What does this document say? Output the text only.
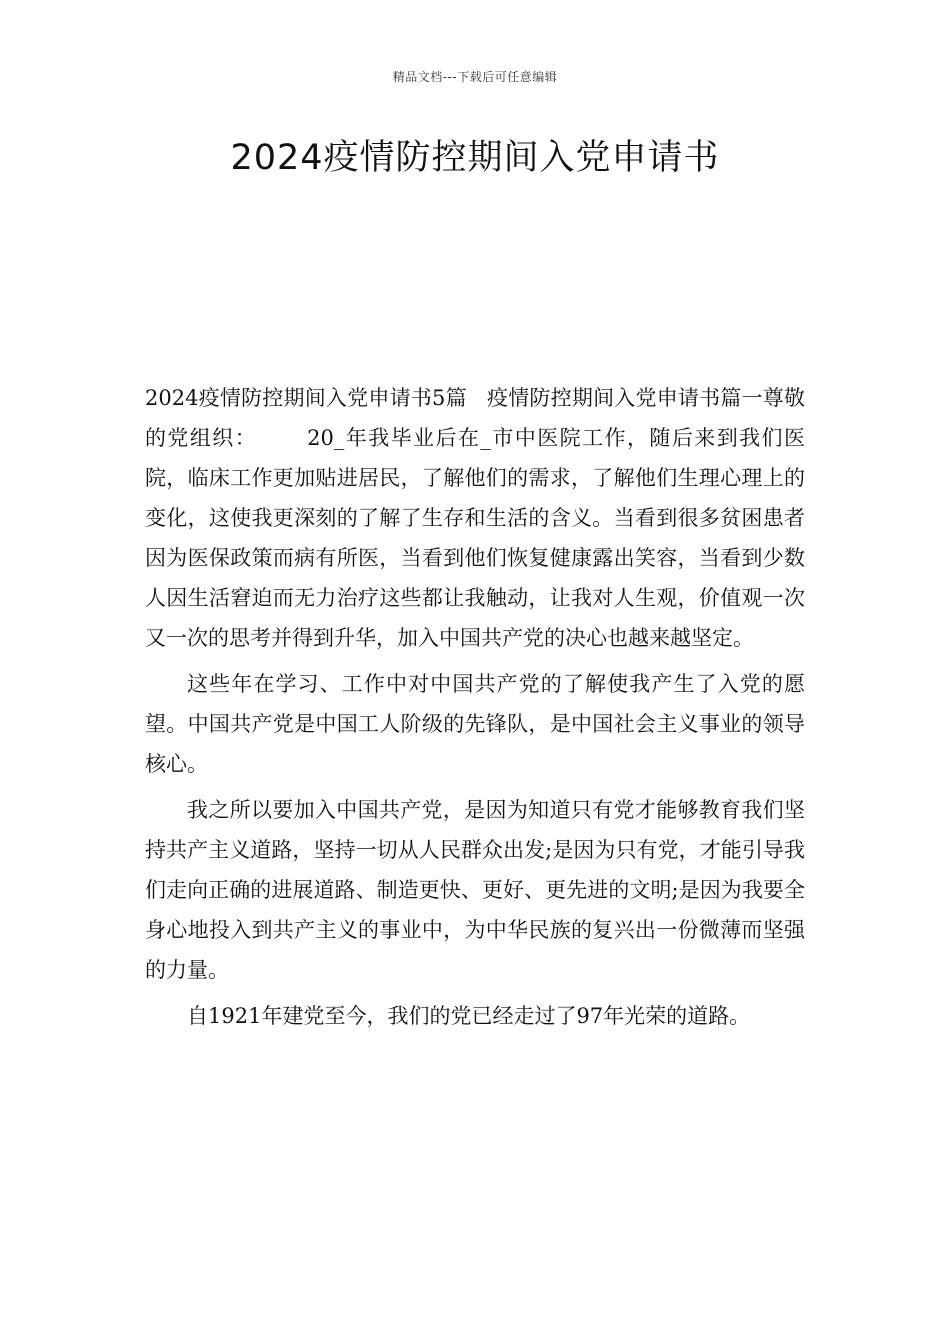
精品文档---下载后可任意编辑
2024疫情防控期间入党申请书

2024疫情防控期间入党申请书5篇 疫情防控期间入党申请书篇一尊敬的党组织： 20_年我毕业后在_市中医院工作，随后来到我们医院，临床工作更加贴进居民，了解他们的需求，了解他们生理心理上的变化，这使我更深刻的了解了生存和生活的含义。当看到很多贫困患者因为医保政策而病有所医，当看到他们恢复健康露出笑容，当看到少数人因生活窘迫而无力治疗这些都让我触动，让我对人生观，价值观一次又一次的思考并得到升华，加入中国共产党的决心也越来越坚定。

这些年在学习、工作中对中国共产党的了解使我产生了入党的愿望。中国共产党是中国工人阶级的先锋队，是中国社会主义事业的领导核心。

我之所以要加入中国共产党，是因为知道只有党才能够教育我们坚持共产主义道路，坚持一切从人民群众出发;是因为只有党，才能引导我们走向正确的进展道路、制造更快、更好、更先进的文明;是因为我要全身心地投入到共产主义的事业中，为中华民族的复兴出一份微薄而坚强的力量。

自1921年建党至今，我们的党已经走过了97年光荣的道路。
